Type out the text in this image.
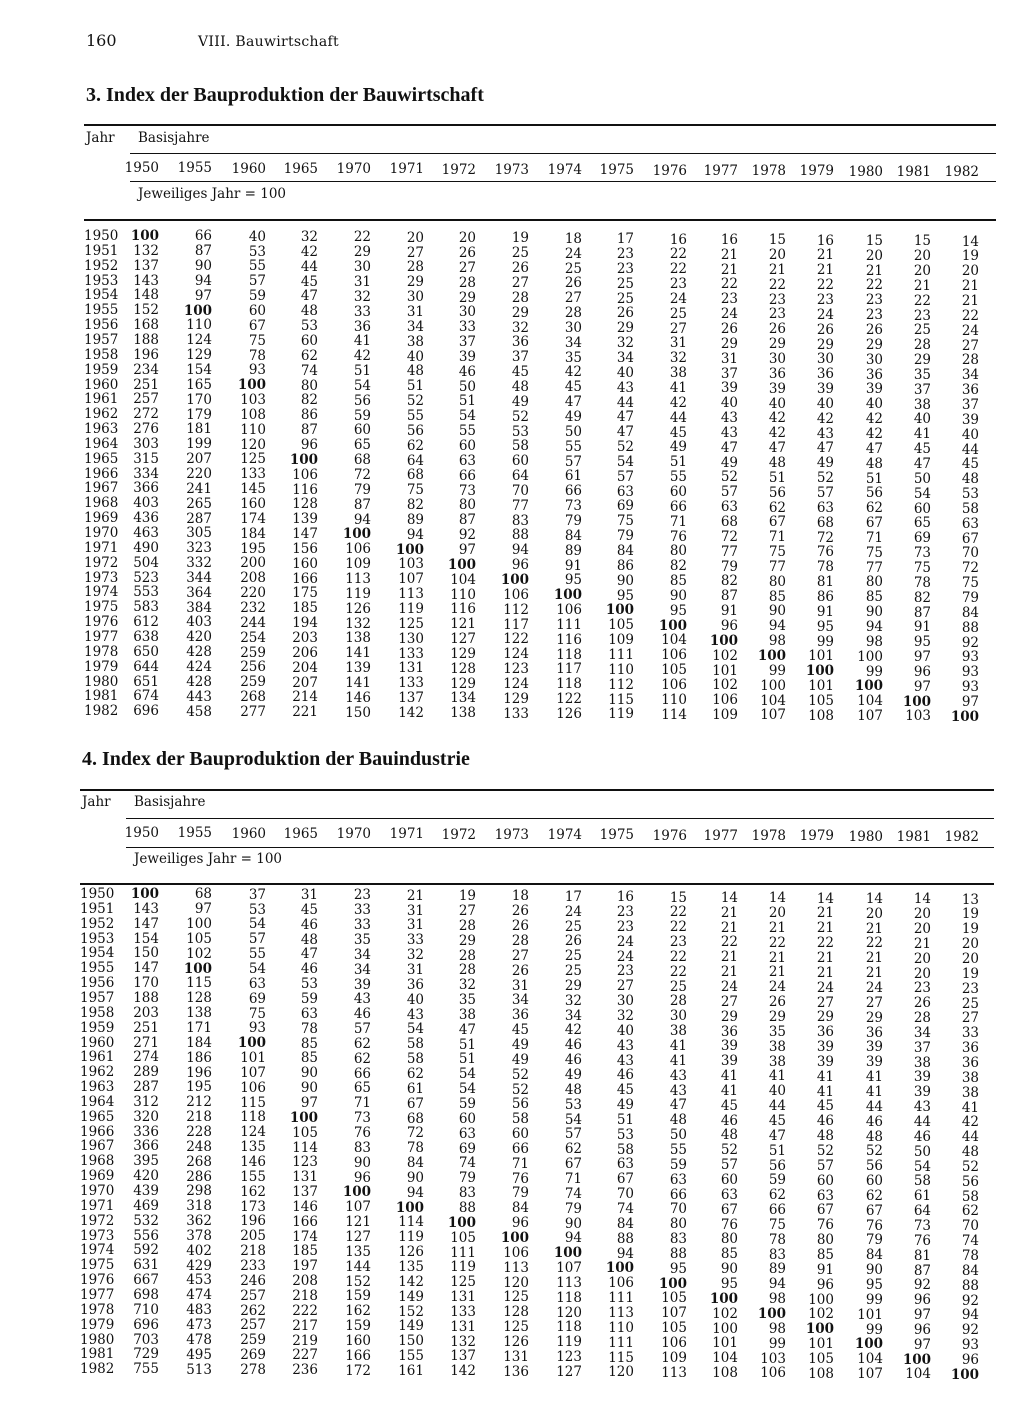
160	VIII. Bauwirtschaft
3. Index der Bauproduktion der Bauwirtschaft
Jahr Basisjahre
1950	1955	1960	1965	1970	1971	1972	1973	1974	1975	1976	1977	1978	1979	1980	1981	1982
Jeweiliges Jahr = 100
1950 100	66	40	32	22	20	20	19	18	17	16	16	15	16	15	15	14
1951	132	87	53	42	29	27	26	25	24	23	22	21	20	21	20	20	19
1952	137	90	55	44	30	28	27	26	25	23	22	21	21	21	21	20	20
1953	143	94	57	45	31	29	28	27	26	25	23	22	22	22	22	21	21
1954	148	97	59	47	32	30	29	28	27	25	24	23	23	23	23	22	21
1955	152	100	60	48	33	31	30	29	28	26	25	24	23	24	23	23	22
1956	168	110	67	53	36	34	33	32	30	29	27	26	26	26	26	25	24
1957	188	124	75	60	41	38	37	36	34	32	31	29	29	29	29	28	27
1958	196	129	78	62	42	40	39	37	35	34	32	31	30	30	30	29	28
1959	234	154	93	74	51	48	46	45	42	40	38	37	36	36	36	35	34
1960	251	165	100	80	54	51	50	48	45	43	41	39	39	39	39	37	36
1961	257	170	103	82	56	52	51	49	47	44	42	40	40	40	40	38	37
1962	272	179	108	86	59	55	54	52	49	47	44	43	42	42	42	40	39
1963	276	181	110	87	60	56	55	53	50	47	45	43	42	43	42	41	40
1964	303	199	120	96	65	62	60	58	55	52	49	47	47	47	47	45	44
1965	315	207	125	100	68	64	63	60	57	54	51	49	48	49	48	47	45
1966	334	220	133	106	72	68	66	64	61	57	55	52	51	52	51	50	48
1967	366	241	145	116	79	75	73	70	66	63	60	57	56	57	56	54	53
1968	403	265	160	128	87	82	80	77	73	69	66	63	62	63	62	60	58
1969	436	287	174	139	94	89	87	83	79	75	71	68	67	68	67	65	63
1970	463	305	184	147	100	94	92	88	84	79	76	72	71	72	71	69	67
1971	490	323	195	156	106	100	97	94	89	84	80	77	75	76	75	73	70
1972	504	332	200	160	109	103	100	96	91	86	82	79	77	78	77	75	72
1973	523	344	208	166	113	107	104	100	95	90	85	82	80	81	80	78	75
1974	553	364	220	175	119	113	110	106	100	95	90	87	85	86	85	82	79
1975	583	384	232	185	126	119	116	112	106	100	95	91	90	91	90	87	84
1976	612	403	244	194	132	125	121	117	111	105	100	96	94	95	94	91	88
1977	638	420	254	203	138	130	127	122	116	109	104	100	98	99	98	95	92
1978	650	428	259	206	141	133	129	124	118	111	106	102	100	101	100	97	93
1979	644	424	256	204	139	131	128	123	117	110	105	101	99	100	99	96	93
1980	651	428	259	207	141	133	129	124	118	112	106	102	100	101	100	97	93
1981	674	443	268	214	146	137	134	129	122	115	110	106	104	105	104	100	97
1982	696	458	277	221	150	142	138	133	126	119	114	109	107	108	107	103	100
4. Index der Bauproduktion der Bauindustrie
Jahr Basisjahre
1950	1955	1960	1965	1970	1971	1972	1973	1974	1975	1976	1977	1978	1979	1980	1981	1982
Jeweiliges Jahr = 100
1950	100	68	37	31	23	21	19	18	17	16	15	14	14	14	14	14	13
1951	143	97	53	45	33	31	27	26	24	23	22	21	20	21	20	20	19
1952	147	100	54	46	33	31	28	26	25	23	22	21	21	21	21	20	19
1953	154	105	57	48	35	33	29	28	26	24	23	22	22	22	22	21	20
1954	150	102	55	47	34	32	28	27	25	24	22	21	21	21	21	20	20
1955	147	100	54	46	34	31	28	26	25	23	22	21	21	21	21	20	19
1956	170	115	63	53	39	36	32	31	29	27	25	24	24	24	24	23	23
1957	188	128	69	59	43	40	35	34	32	30	28	27	26	27	27	26	25
1958	203	138	75	63	46	43	38	36	34	32	30	29	29	29	29	28	27
1959	251	171	93	78	57	54	47	45	42	40	38	36	35	36	36	34	33
1960	271	184	100	85	62	58	51	49	46	43	41	39	38	39	39	37	36
1961	274	186	101	85	62	58	51	49	46	43	41	39	38	39	39	38	36
1962	289	196	107	90	66	62	54	52	49	46	43	41	41	41	41	39	38
1963	287	195	106	90	65	61	54	52	48	45	43	41	40	41	41	39	38
1964	312	212	115	97	71	67	59	56	53	49	47	45	44	45	44	43	41
1965	320	218	118	100	73	68	60	58	54	51	48	46	45	46	46	44	42
1966	336	228	124	105	76	72	63	60	57	53	50	48	47	48	48	46	44
1967	366	248	135	114	83	78	69	66	62	58	55	52	51	52	52	50	48
1968	395	268	146	123	90	84	74	71	67	63	59	57	56	57	56	54	52
1969	420	286	155	131	96	90	79	76	71	67	63	60	59	60	60	58	56
1970	439	298	162	137	100	94	83	79	74	70	66	63	62	63	62	61	58
1971	469	318	173	146	107	100	88	84	79	74	70	67	66	67	67	64	62
1972	532	362	196	166	121	114	100	96	90	84	80	76	75	76	76	73	70
1973	556	378	205	174	127	119	105	100	94	88	83	80	78	80	79	76	74
1974	592	402	218	185	135	126	111	106	100	94	88	85	83	85	84	81	78
1975	631	429	233	197	144	135	119	113	107	100	95	90	89	91	90	87	84
1976	667	453	246	208	152	142	125	120	113	106	100	95	94	96	95	92	88
1977	698	474	257	218	159	149	131	125	118	111	105	100	98	100	99	96	92
1978	710	483	262	222	162	152	133	128	120	113	107	102	100	102	101	97	94
1979	696	473	257	217	159	149	131	125	118	110	105	100	98	100	99	96	92
1980	703	478	259	219	160	150	132	126	119	111	106	101	99	101	100	97	93
1981	729	495	269	227	166	155	137	131	123	115	109	104	103	105	104	100	96
1982	755	513	278	236	172	161	142	136	127	120	113	108	106	108	107	104	100
